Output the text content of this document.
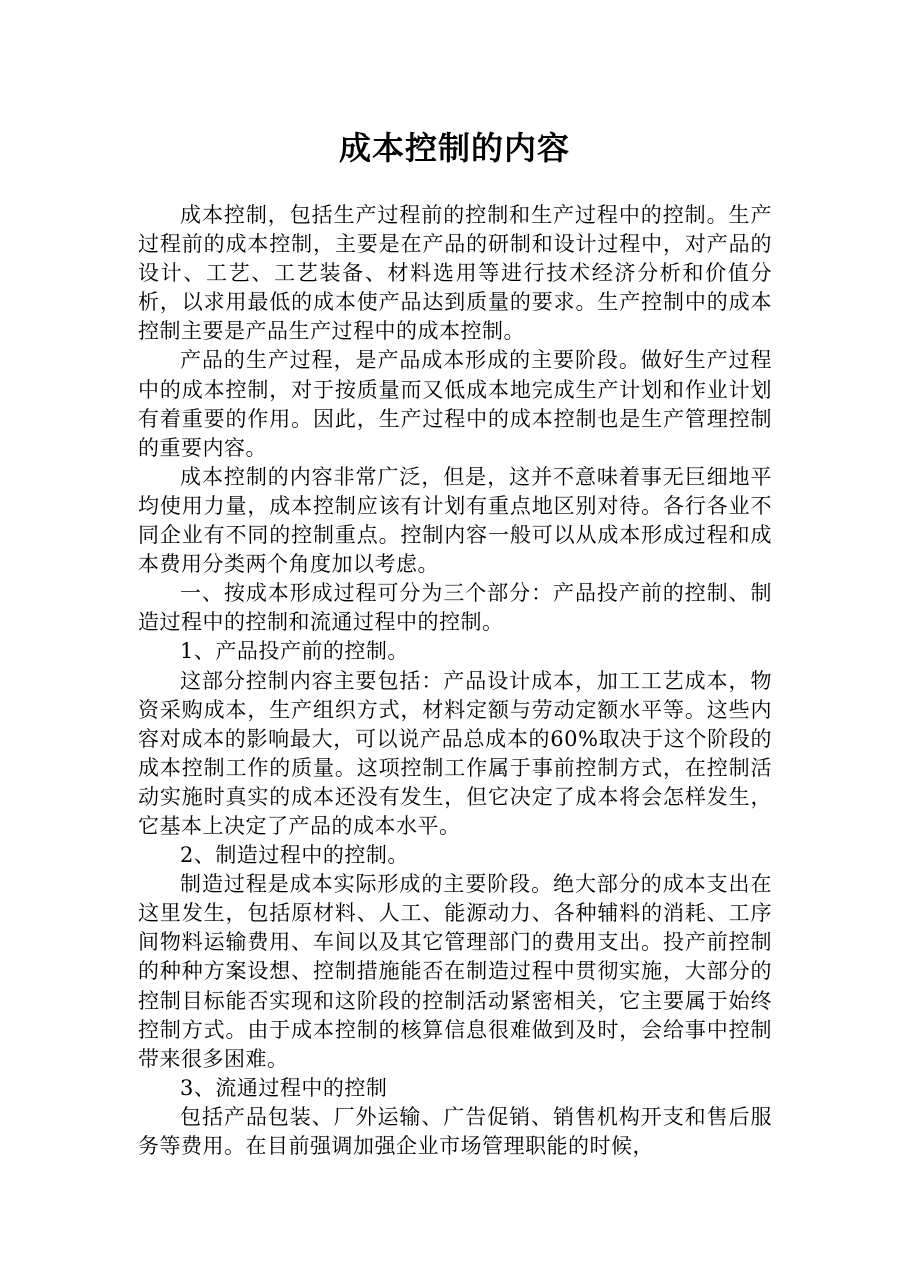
成本控制的内容

成本控制，包括生产过程前的控制和生产过程中的控制。生产过程前的成本控制，主要是在产品的研制和设计过程中，对产品的设计、工艺、工艺装备、材料选用等进行技术经济分析和价值分析，以求用最低的成本使产品达到质量的要求。生产控制中的成本控制主要是产品生产过程中的成本控制。

产品的生产过程，是产品成本形成的主要阶段。做好生产过程中的成本控制，对于按质量而又低成本地完成生产计划和作业计划有着重要的作用。因此，生产过程中的成本控制也是生产管理控制的重要内容。

成本控制的内容非常广泛，但是，这并不意味着事无巨细地平均使用力量，成本控制应该有计划有重点地区别对待。各行各业不同企业有不同的控制重点。控制内容一般可以从成本形成过程和成本费用分类两个角度加以考虑。

一、按成本形成过程可分为三个部分：产品投产前的控制、制造过程中的控制和流通过程中的控制。

1、产品投产前的控制。

这部分控制内容主要包括：产品设计成本，加工工艺成本，物资采购成本，生产组织方式，材料定额与劳动定额水平等。这些内容对成本的影响最大，可以说产品总成本的60%取决于这个阶段的成本控制工作的质量。这项控制工作属于事前控制方式，在控制活动实施时真实的成本还没有发生，但它决定了成本将会怎样发生，它基本上决定了产品的成本水平。

2、制造过程中的控制。

制造过程是成本实际形成的主要阶段。绝大部分的成本支出在这里发生，包括原材料、人工、能源动力、各种辅料的消耗、工序间物料运输费用、车间以及其它管理部门的费用支出。投产前控制的种种方案设想、控制措施能否在制造过程中贯彻实施，大部分的控制目标能否实现和这阶段的控制活动紧密相关，它主要属于始终控制方式。由于成本控制的核算信息很难做到及时，会给事中控制带来很多困难。

3、流通过程中的控制

包括产品包装、厂外运输、广告促销、销售机构开支和售后服务等费用。在目前强调加强企业市场管理职能的时候，
